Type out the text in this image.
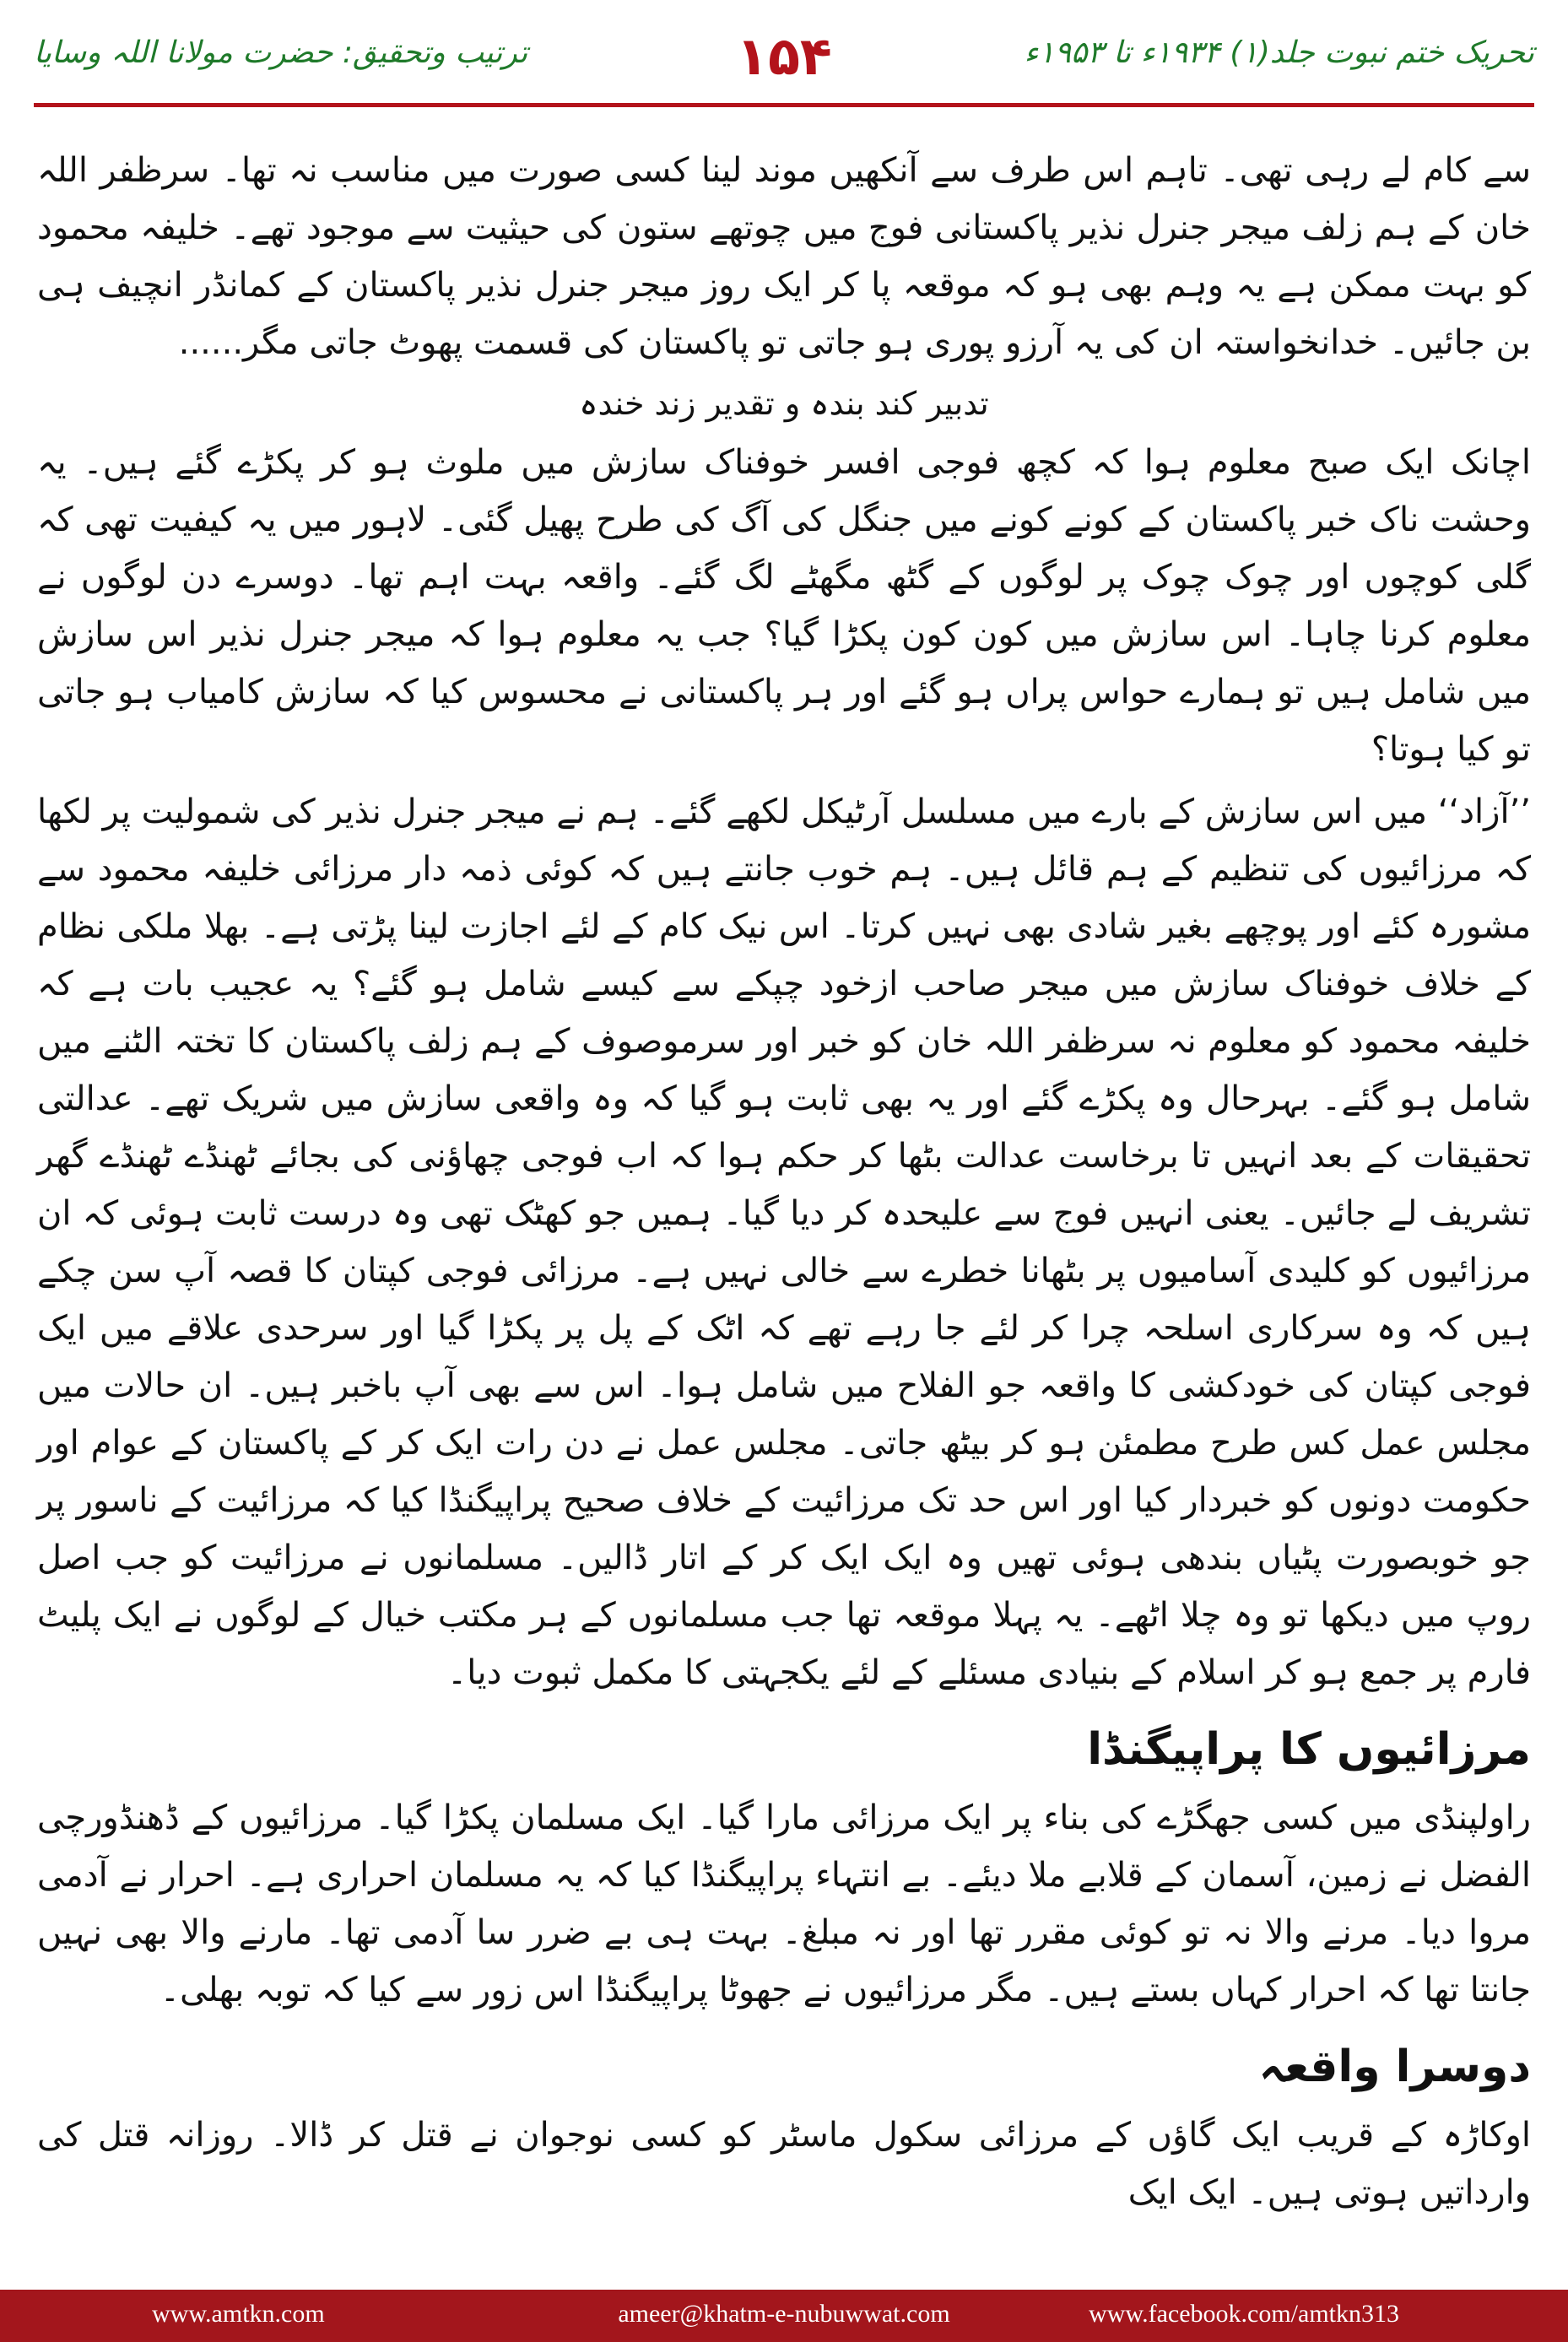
ترتیب وتحقیق: حضرت مولانا اللہ وسایا	۱۵۴	تحریک ختم نبوت جلد(۱) ۱۹۳۴ء تا ۱۹۵۳ء

سے کام لے رہی تھی۔ تاہم اس طرف سے آنکھیں موند لینا کسی صورت میں مناسب نہ تھا۔ سرظفر اللہ خان کے ہم زلف میجر جنرل نذیر پاکستانی فوج میں چوتھے ستون کی حیثیت سے موجود تھے۔ خلیفہ محمود کو بہت ممکن ہے یہ وہم بھی ہو کہ موقعہ پا کر ایک روز میجر جنرل نذیر پاکستان کے کمانڈر انچیف ہی بن جائیں۔ خدانخواستہ ان کی یہ آرزو پوری ہو جاتی تو پاکستان کی قسمت پھوٹ جاتی مگر......

تدبیر کند بندہ و تقدیر زند خندہ

اچانک ایک صبح معلوم ہوا کہ کچھ فوجی افسر خوفناک سازش میں ملوث ہو کر پکڑے گئے ہیں۔ یہ وحشت ناک خبر پاکستان کے کونے کونے میں جنگل کی آگ کی طرح پھیل گئی۔ لاہور میں یہ کیفیت تھی کہ گلی کوچوں اور چوک چوک پر لوگوں کے گٹھ مگھٹے لگ گئے۔ واقعہ بہت اہم تھا۔ دوسرے دن لوگوں نے معلوم کرنا چاہا۔ اس سازش میں کون کون پکڑا گیا؟ جب یہ معلوم ہوا کہ میجر جنرل نذیر اس سازش میں شامل ہیں تو ہمارے حواس پراں ہو گئے اور ہر پاکستانی نے محسوس کیا کہ سازش کامیاب ہو جاتی تو کیا ہوتا؟

’’آزاد‘‘ میں اس سازش کے بارے میں مسلسل آرٹیکل لکھے گئے۔ ہم نے میجر جنرل نذیر کی شمولیت پر لکھا کہ مرزائیوں کی تنظیم کے ہم قائل ہیں۔ ہم خوب جانتے ہیں کہ کوئی ذمہ دار مرزائی خلیفہ محمود سے مشورہ کئے اور پوچھے بغیر شادی بھی نہیں کرتا۔ اس نیک کام کے لئے اجازت لینا پڑتی ہے۔ بھلا ملکی نظام کے خلاف خوفناک سازش میں میجر صاحب ازخود چپکے سے کیسے شامل ہو گئے؟ یہ عجیب بات ہے کہ خلیفہ محمود کو معلوم نہ سرظفر اللہ خان کو خبر اور سرموصوف کے ہم زلف پاکستان کا تختہ الٹنے میں شامل ہو گئے۔ بہرحال وہ پکڑے گئے اور یہ بھی ثابت ہو گیا کہ وہ واقعی سازش میں شریک تھے۔ عدالتی تحقیقات کے بعد انہیں تا برخاست عدالت بٹھا کر حکم ہوا کہ اب فوجی چھاؤنی کی بجائے ٹھنڈے ٹھنڈے گھر تشریف لے جائیں۔ یعنی انہیں فوج سے علیحدہ کر دیا گیا۔ ہمیں جو کھٹک تھی وہ درست ثابت ہوئی کہ ان مرزائیوں کو کلیدی آسامیوں پر بٹھانا خطرے سے خالی نہیں ہے۔ مرزائی فوجی کپتان کا قصہ آپ سن چکے ہیں کہ وہ سرکاری اسلحہ چرا کر لئے جا رہے تھے کہ اٹک کے پل پر پکڑا گیا اور سرحدی علاقے میں ایک فوجی کپتان کی خودکشی کا واقعہ جو الفلاح میں شامل ہوا۔ اس سے بھی آپ باخبر ہیں۔ ان حالات میں مجلس عمل کس طرح مطمئن ہو کر بیٹھ جاتی۔ مجلس عمل نے دن رات ایک کر کے پاکستان کے عوام اور حکومت دونوں کو خبردار کیا اور اس حد تک مرزائیت کے خلاف صحیح پراپیگنڈا کیا کہ مرزائیت کے ناسور پر جو خوبصورت پٹیاں بندھی ہوئی تھیں وہ ایک ایک کر کے اتار ڈالیں۔ مسلمانوں نے مرزائیت کو جب اصل روپ میں دیکھا تو وہ چلا اٹھے۔ یہ پہلا موقعہ تھا جب مسلمانوں کے ہر مکتب خیال کے لوگوں نے ایک پلیٹ فارم پر جمع ہو کر اسلام کے بنیادی مسئلے کے لئے یکجہتی کا مکمل ثبوت دیا۔

مرزائیوں کا پراپیگنڈا

راولپنڈی میں کسی جھگڑے کی بناء پر ایک مرزائی مارا گیا۔ ایک مسلمان پکڑا گیا۔ مرزائیوں کے ڈھنڈورچی الفضل نے زمین، آسمان کے قلابے ملا دیئے۔ بے انتہاء پراپیگنڈا کیا کہ یہ مسلمان احراری ہے۔ احرار نے آدمی مروا دیا۔ مرنے والا نہ تو کوئی مقرر تھا اور نہ مبلغ۔ بہت ہی بے ضرر سا آدمی تھا۔ مارنے والا بھی نہیں جانتا تھا کہ احرار کہاں بستے ہیں۔ مگر مرزائیوں نے جھوٹا پراپیگنڈا اس زور سے کیا کہ توبہ بھلی۔

دوسرا واقعہ

اوکاڑہ کے قریب ایک گاؤں کے مرزائی سکول ماسٹر کو کسی نوجوان نے قتل کر ڈالا۔ روزانہ قتل کی وارداتیں ہوتی ہیں۔ ایک ایک

www.amtkn.com	ameer@khatm-e-nubuwwat.com	www.facebook.com/amtkn313
